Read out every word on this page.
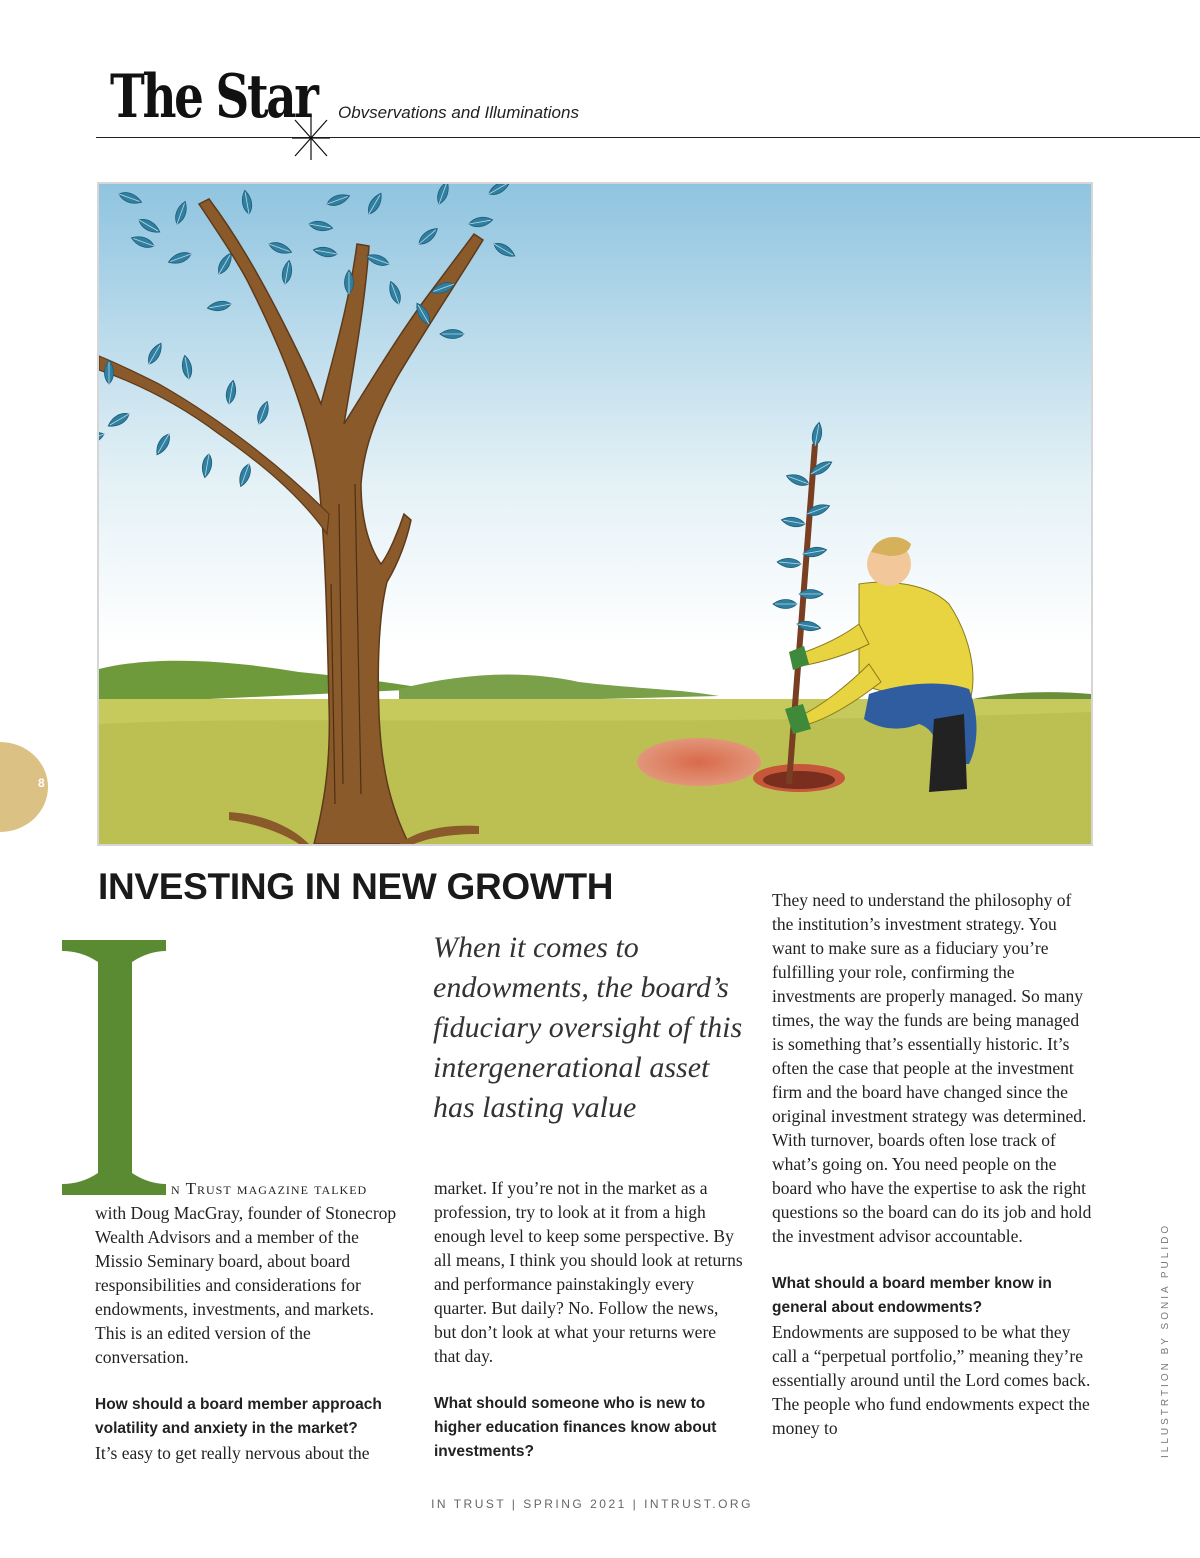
The Star Obvservations and Illuminations
8
INVESTING IN NEW GROWTH
When it comes to endowments, the board’s fiduciary oversight of this intergenerational asset has lasting value

n Trust magazine talked

with Doug MacGray, founder of Stonecrop Wealth Advisors and a member of the Missio Seminary board, about board responsibilities and considerations for endowments, investments, and markets. This is an edited version of the conversation.

How should a board member approach volatility and anxiety in the market?

It’s easy to get really nervous about the

market. If you’re not in the market as a profession, try to look at it from a high enough level to keep some perspective. By all means, I think you should look at returns and performance painstakingly every quarter. But daily? No. Follow the news, but don’t look at what your returns were that day.

What should someone who is new to higher education finances know about investments?

They need to understand the philosophy of the institution’s investment strategy. You want to make sure as a fiduciary you’re fulfilling your role, confirming the investments are properly managed. So many times, the way the funds are being managed is something that’s essentially historic. It’s often the case that people at the investment firm and the board have changed since the original investment strategy was determined. With turnover, boards often lose track of what’s going on. You need people on the board who have the expertise to ask the right questions so the board can do its job and hold the investment advisor accountable.

What should a board member know in general about endowments?

Endowments are supposed to be what they call a “perpetual portfolio,” meaning they’re essentially around until the Lord comes back. The people who fund endowments expect the money to	ILLUSTRTION BY SONIA PULIDO
IN TRUST | SPRING 2021 | INTRUST.ORG
